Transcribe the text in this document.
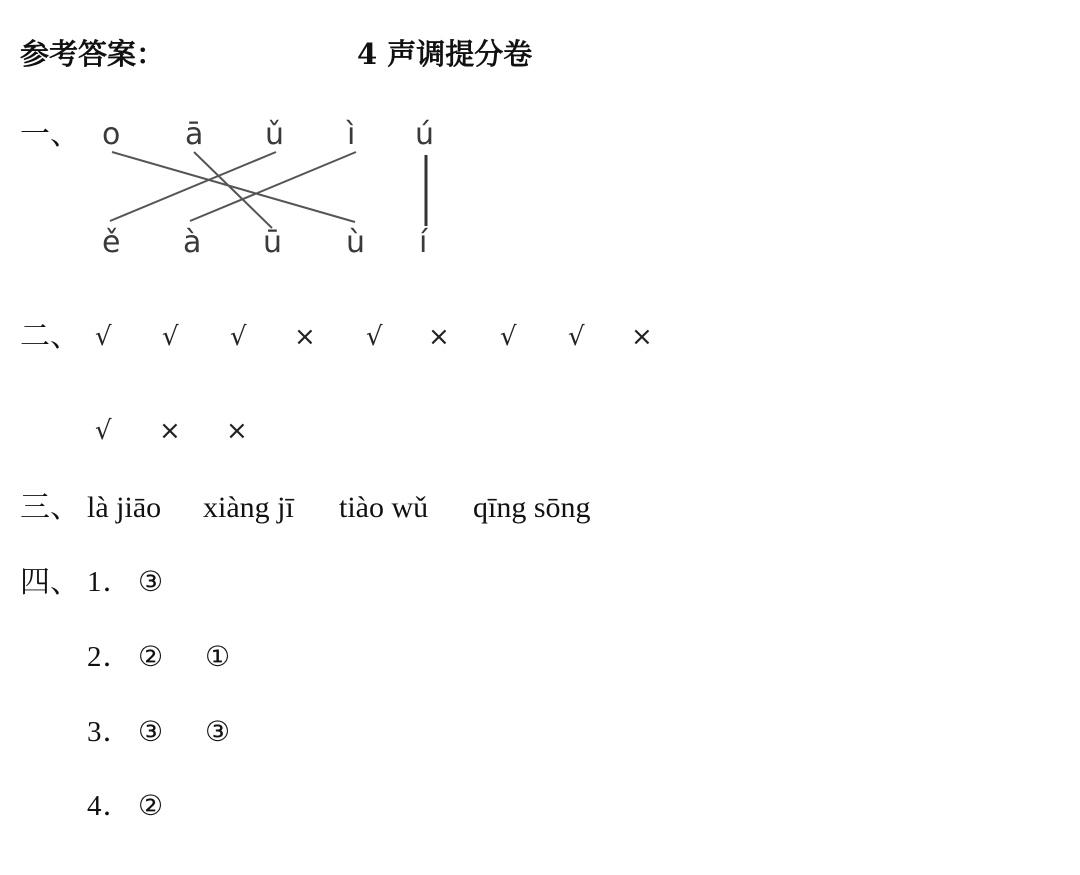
参考答案：	4 声调提分卷
一、 o ā ǔ ì ú
ě à ū ù í
二、 √ √ √ × √ × √ √ ×
√ × ×
三、 là jiāo xiàng jī tiào wǔ qīng sōng
四、 1． ③
2． ② ①
3． ③ ③
4． ②
